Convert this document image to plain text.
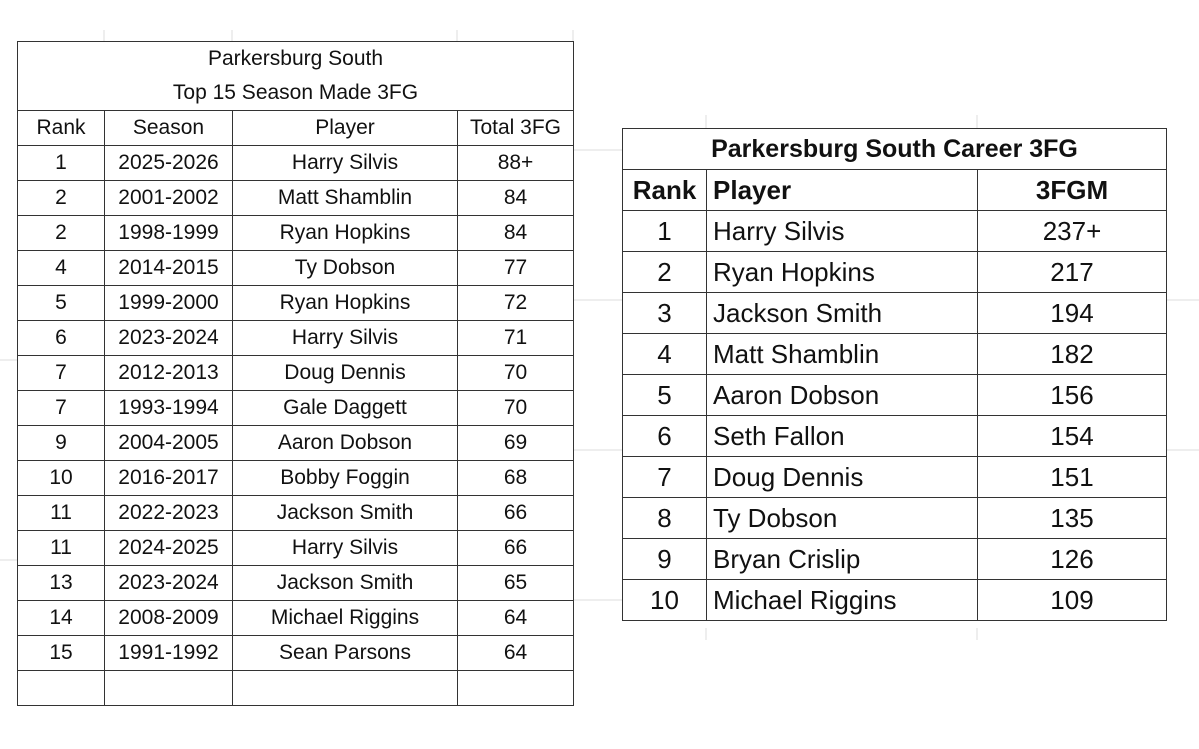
Parkersburg South			
Top 15 Season Made 3FG			
Rank	Season	Player	Total 3FG
1	2025-2026	Harry Silvis	88+
2	2001-2002	Matt Shamblin	84
2	1998-1999	Ryan Hopkins	84
4	2014-2015	Ty Dobson	77
5	1999-2000	Ryan Hopkins	72
6	2023-2024	Harry Silvis	71
7	2012-2013	Doug Dennis	70
7	1993-1994	Gale Daggett	70
9	2004-2005	Aaron Dobson	69
10	2016-2017	Bobby Foggin	68
11	2022-2023	Jackson Smith	66
11	2024-2025	Harry Silvis	66
13	2023-2024	Jackson Smith	65
14	2008-2009	Michael Riggins	64
15	1991-1992	Sean Parsons	64

Parkersburg South Career 3FG		
Rank	Player	3FGM
1	Harry Silvis	237+
2	Ryan Hopkins	217
3	Jackson Smith	194
4	Matt Shamblin	182
5	Aaron Dobson	156
6	Seth Fallon	154
7	Doug Dennis	151
8	Ty Dobson	135
9	Bryan Crislip	126
10	Michael Riggins	109
